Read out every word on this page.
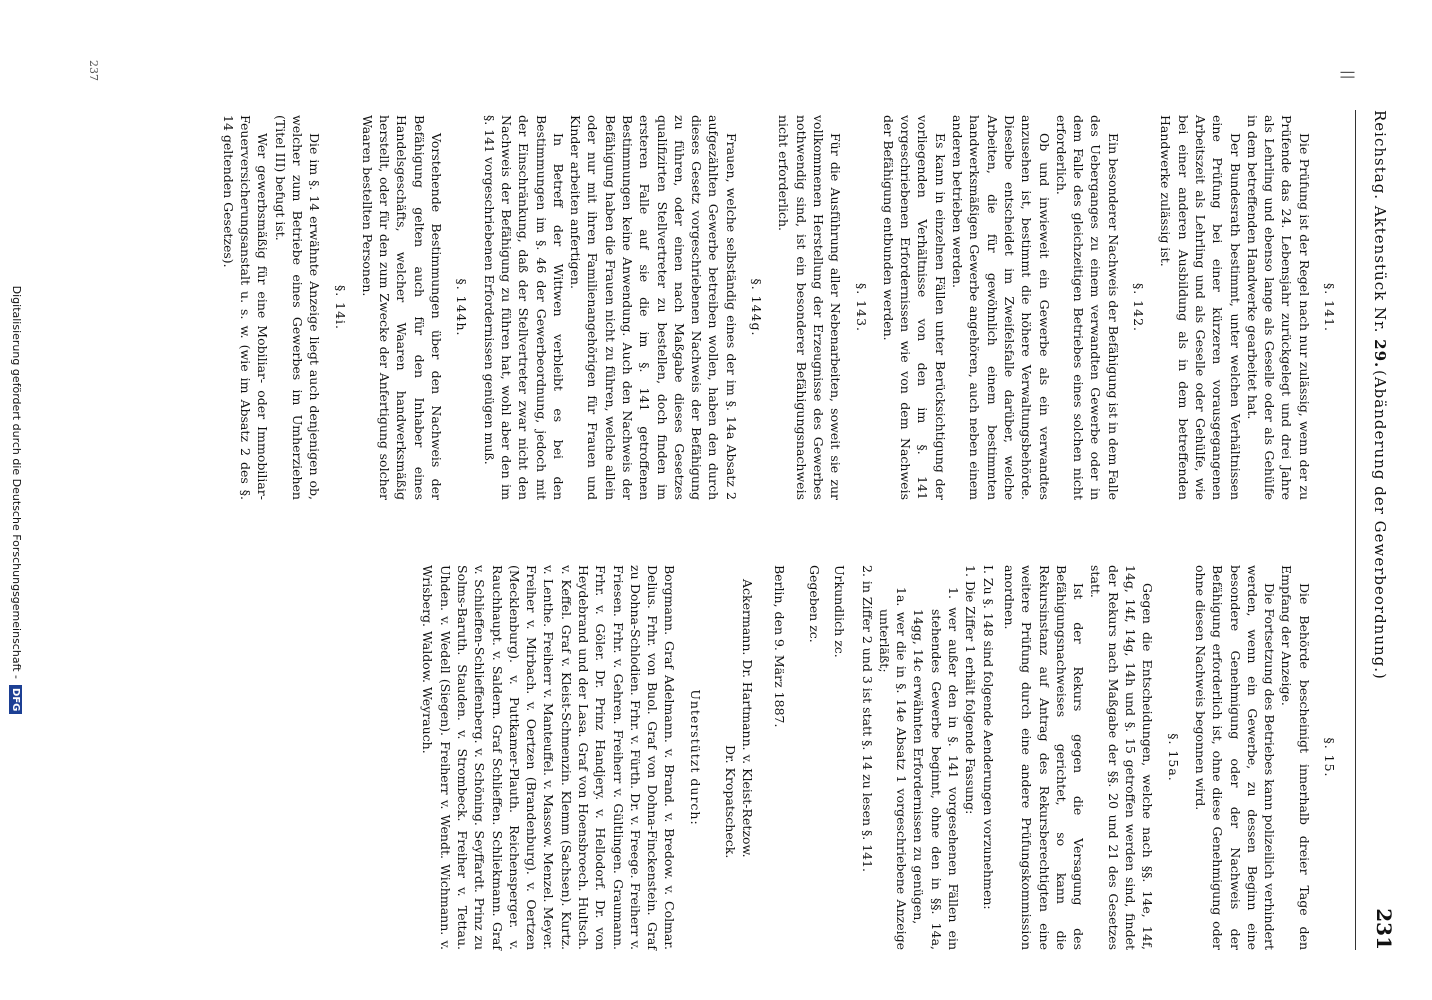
||
Reichstag. Aktenstück Nr. 29.
(Abänderung der Gewerbeordnung.)
231
§. 141.

Die Prüfung ist der Regel nach nur zulässig, wenn der zu Prüfende das 24. Lebensjahr zurückgelegt und drei Jahre als Lehrling und ebenso lange als Geselle oder als Gehülfe in dem betreffenden Handwerke gearbeitet hat.

Der Bundesrath bestimmt, unter welchen Verhältnissen eine Prüfung bei einer kürzeren vorausgegangenen Arbeitszeit als Lehrling und als Geselle oder Gehülfe, wie bei einer anderen Ausbildung als in dem betreffenden Handwerke zulässig ist.

§. 142.

Ein besonderer Nachweis der Befähigung ist in dem Falle des Ueberganges zu einem verwandten Gewerbe oder in dem Falle des gleichzeitigen Betriebes eines solchen nicht erforderlich.

Ob und inwieweit ein Gewerbe als ein verwandtes anzusehen ist, bestimmt die höhere Verwaltungsbehörde. Dieselbe entscheidet im Zweifelsfalle darüber, welche Arbeiten, die für gewöhnlich einem bestimmten handwerksmäßigen Gewerbe angehören, auch neben einem anderen betrieben werden.

Es kann in einzelnen Fällen unter Berücksichtigung der vorliegenden Verhältnisse von den im §. 141 vorgeschriebenen Erfordernissen wie von dem Nachweis der Befähigung entbunden werden.

§. 143.

Für die Ausführung aller Nebenarbeiten, soweit sie zur vollkommenen Herstellung der Erzeugnisse des Gewerbes nothwendig sind, ist ein besonderer Befähigungsnachweis nicht erforderlich.

§. 144g.

Frauen, welche selbständig eines der im §. 14a Absatz 2 aufgezählten Gewerbe betreiben wollen, haben den durch dieses Gesetz vorgeschriebenen Nachweis der Befähigung zu führen, oder einen nach Maßgabe dieses Gesetzes qualifizirten Stellvertreter zu bestellen, doch finden im ersteren Falle auf sie die im §. 141 getroffenen Bestimmungen keine Anwendung. Auch den Nachweis der Befähigung haben die Frauen nicht zu führen, welche allein oder nur mit ihren Familienangehörigen für Frauen und Kinder arbeiten anfertigen.

In Betreff der Wittwen verbleibt es bei den Bestimmungen im §. 46 der Gewerbeordnung, jedoch mit der Einschränkung, daß der Stellvertreter zwar nicht den Nachweis der Befähigung zu führen hat, wohl aber den im §. 141 vorgeschriebenen Erfordernissen genügen muß.

§. 144h.

Vorstehende Bestimmungen über den Nachweis der Befähigung gelten auch für den Inhaber eines Handelsgeschäfts, welcher Waaren handwerksmäßig herstellt, oder für den zum Zwecke der Anfertigung solcher Waaren bestellten Personen.

§. 14i.

Die im §. 14 erwähnte Anzeige liegt auch denjenigen ob, welcher zum Betriebe eines Gewerbes im Umherziehen (Titel III) befugt ist.

Wer gewerbsmäßig für eine Mobiliar- oder Immobiliar-Feuerversicherungsanstalt u. s. w. (wie im Absatz 2 des §. 14 geltenden Gesetzes).

§. 15.

Die Behörde bescheinigt innerhalb dreier Tage den Empfang der Anzeige.

Die Fortsetzung des Betriebes kann polizeilich verhindert werden, wenn ein Gewerbe, zu dessen Beginn eine besondere Genehmigung oder der Nachweis der Befähigung erforderlich ist, ohne diese Genehmigung oder ohne diesen Nachweis begonnen wird.

§. 15a.

Gegen die Entscheidungen, welche nach §§. 14e, 14f, 14g, 14f, 14g, 14h und §. 15 getroffen werden sind, findet der Rekurs nach Maßgabe der §§. 20 und 21 des Gesetzes statt.

Ist der Rekurs gegen die Versagung des Befähigungsnachweises gerichtet, so kann die Rekursinstanz auf Antrag des Rekursberechtigten eine weitere Prüfung durch eine andere Prüfungskommission anordnen.

I. Zu §. 148 sind folgende Aenderungen vorzunehmen:

1. Die Ziffer 1 erhält folgende Fassung:

1. wer außer den in §. 141 vorgesehenen Fällen ein stehendes Gewerbe beginnt, ohne den in §§. 14a, 14gg, 14c erwähnten Erfordernissen zu genügen,

1a. wer die in §. 14e Absatz 1 vorgeschriebene Anzeige unterläßt;

2. in Ziffer 2 und 3 ist statt §. 14 zu lesen §. 141.

Urkundlich zc.

Gegeben zc.

Berlin, den 9. März 1887.

Ackermann. Dr. Hartmann. v. Kleist-Retzow.

Dr. Kropatscheck.

Unterstützt durch:

Borgmann. Graf Adelmann. v. Brand. v. Bredow. v. Colmar. Delius. Frhr. von Buol. Graf von Dohna-Finckenstein. Graf zu Dohna-Schlodien. Frhr. v. Fürth. Dr. v. Freege. Freiherr v. Friesen. Frhr. v. Gehren. Freiherr v. Gültlingen. Graumann. Frhr. v. Göler. Dr. Prinz Handjery. v. Hellodorf. Dr. von Heydebrand und der Lasa. Graf von Hoensbroech. Hultsch. v. Keffel. Graf v. Kleist-Schmenzin. Klemm (Sachsen). Kurtz. v. Lenthe. Freiherr v. Manteuffel. v. Massow. Menzel. Meyer. Freiher v. Mirbach. v. Oertzen (Brandenburg). v. Oertzen (Mecklenburg). v. Puttkamer-Plauth. Reichensperger. v. Rauchhaupt. v. Saldern. Graf Schlieffen. Schliekmann. Graf v. Schlieffen-Schlieffenberg. v. Schöning. Seyffardt. Prinz zu Solms-Baruth. Stauden. v. Strombeck. Freiher v. Tettau. Uhden. v. Wedell (Siegen). Freiherr v. Wendt. Wichmann. v. Wrisberg. Waldow. Weyrauch.

237
Digitalisierung gefördert durch die Deutsche Forschungsgemeinschaft -
DFG
